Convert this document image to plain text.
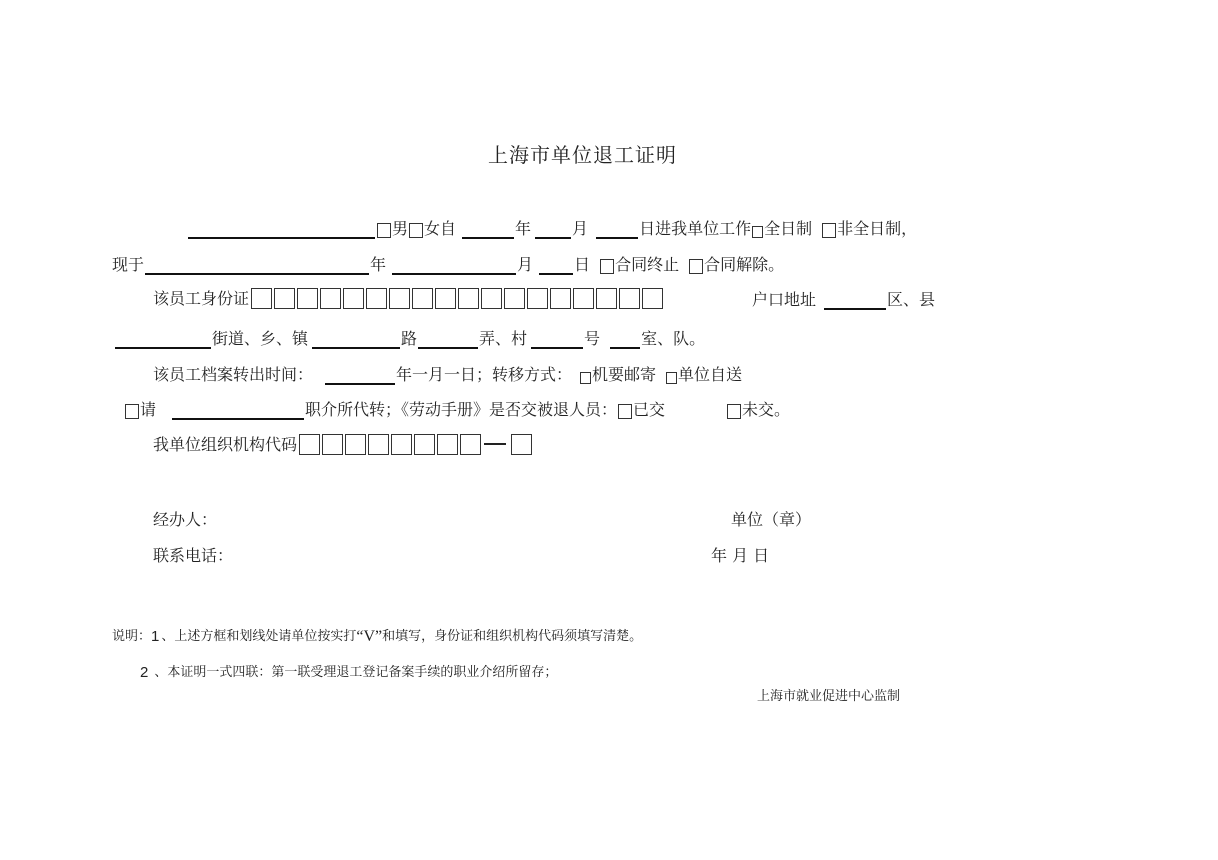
上海市单位退工证明
男 女自	年	月	日进我单位工作 全日制 非全日制，
现于	年	月	日 合同终止 合同解除。
该员工身份证	户口地址	区、县
街道、乡、镇	路	弄、村	号	室、队。
该员工档案转出时间：	年一月一日；转移方式： 机要邮寄 单位自送
请	职介所代转；《劳动手册》是否交被退人员： 已交	未交。
我单位组织机构代码
经办人：	单位（章）
联系电话：	年 月 日
说明： 1 、上述方框和划线处请单位按实打 “V” 和填写，身份证和组织机构代码须填写清楚。
2 、本证明一式四联：第一联受理退工登记备案手续的职业介绍所留存；
上海市就业促进中心监制
